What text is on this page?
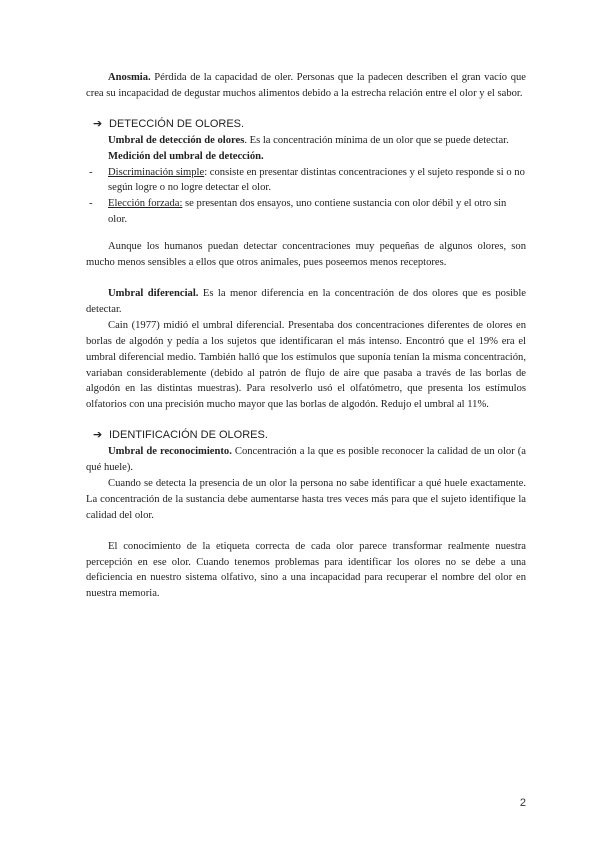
Anosmia. Pérdida de la capacidad de oler. Personas que la padecen describen el gran vacío que crea su incapacidad de degustar muchos alimentos debido a la estrecha relación entre el olor y el sabor.

➔ DETECCIÓN DE OLORES.

Umbral de detección de olores. Es la concentración mínima de un olor que se puede detectar.

Medición del umbral de detección.

- Discriminación simple: consiste en presentar distintas concentraciones y el sujeto responde si o no según logre o no logre detectar el olor.
- Elección forzada: se presentan dos ensayos, uno contiene sustancia con olor débil y el otro sin olor.

Aunque los humanos puedan detectar concentraciones muy pequeñas de algunos olores, son mucho menos sensibles a ellos que otros animales, pues poseemos menos receptores.

Umbral diferencial. Es la menor diferencia en la concentración de dos olores que es posible detectar.

Cain (1977) midió el umbral diferencial. Presentaba dos concentraciones diferentes de olores en borlas de algodón y pedía a los sujetos que identificaran el más intenso. Encontró que el 19% era el umbral diferencial medio. También halló que los estímulos que suponía tenían la misma concentración, variaban considerablemente (debido al patrón de flujo de aire que pasaba a través de las borlas de algodón en las distintas muestras). Para resolverlo usó el olfatómetro, que presenta los estímulos olfatorios con una precisión mucho mayor que las borlas de algodón. Redujo el umbral al 11%.

➔ IDENTIFICACIÓN DE OLORES.

Umbral de reconocimiento. Concentración a la que es posible reconocer la calidad de un olor (a qué huele).

Cuando se detecta la presencia de un olor la persona no sabe identificar a qué huele exactamente. La concentración de la sustancia debe aumentarse hasta tres veces más para que el sujeto identifique la calidad del olor.

El conocimiento de la etiqueta correcta de cada olor parece transformar realmente nuestra percepción en ese olor. Cuando tenemos problemas para identificar los olores no se debe a una deficiencia en nuestro sistema olfativo, sino a una incapacidad para recuperar el nombre del olor en nuestra memoria.

2
